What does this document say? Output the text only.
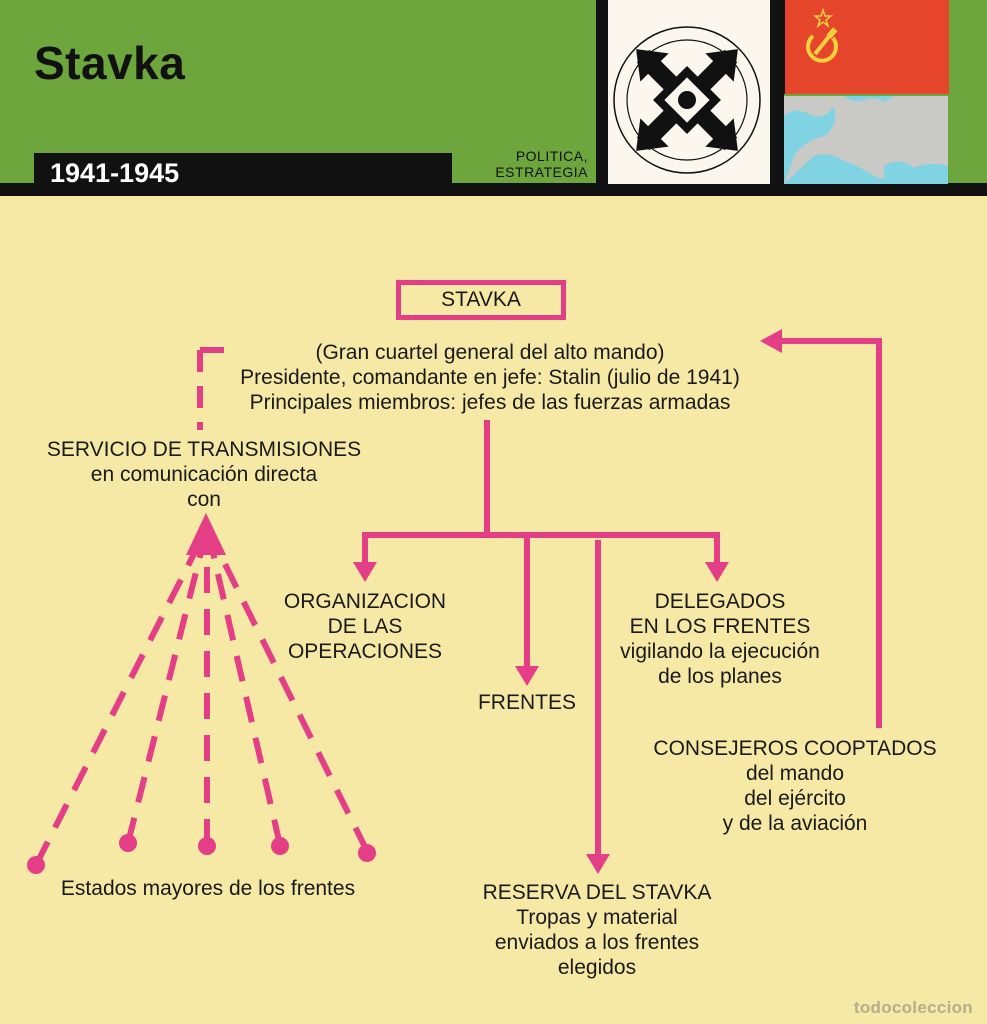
Stavka
1941-1945
POLITICA,
ESTRATEGIA
STAVKA
(Gran cuartel general del alto mando)
Presidente, comandante en jefe: Stalin (julio de 1941)
Principales miembros: jefes de las fuerzas armadas
SERVICIO DE TRANSMISIONES
en comunicación directa
con
ORGANIZACION
DE LAS
OPERACIONES
FRENTES
DELEGADOS
EN LOS FRENTES
vigilando la ejecución
de los planes
CONSEJEROS COOPTADOS
del mando
del ejército
y de la aviación
Estados mayores de los frentes	RESERVA DEL STAVKA
Tropas y material
enviados a los frentes
elegidos
todocoleccion
